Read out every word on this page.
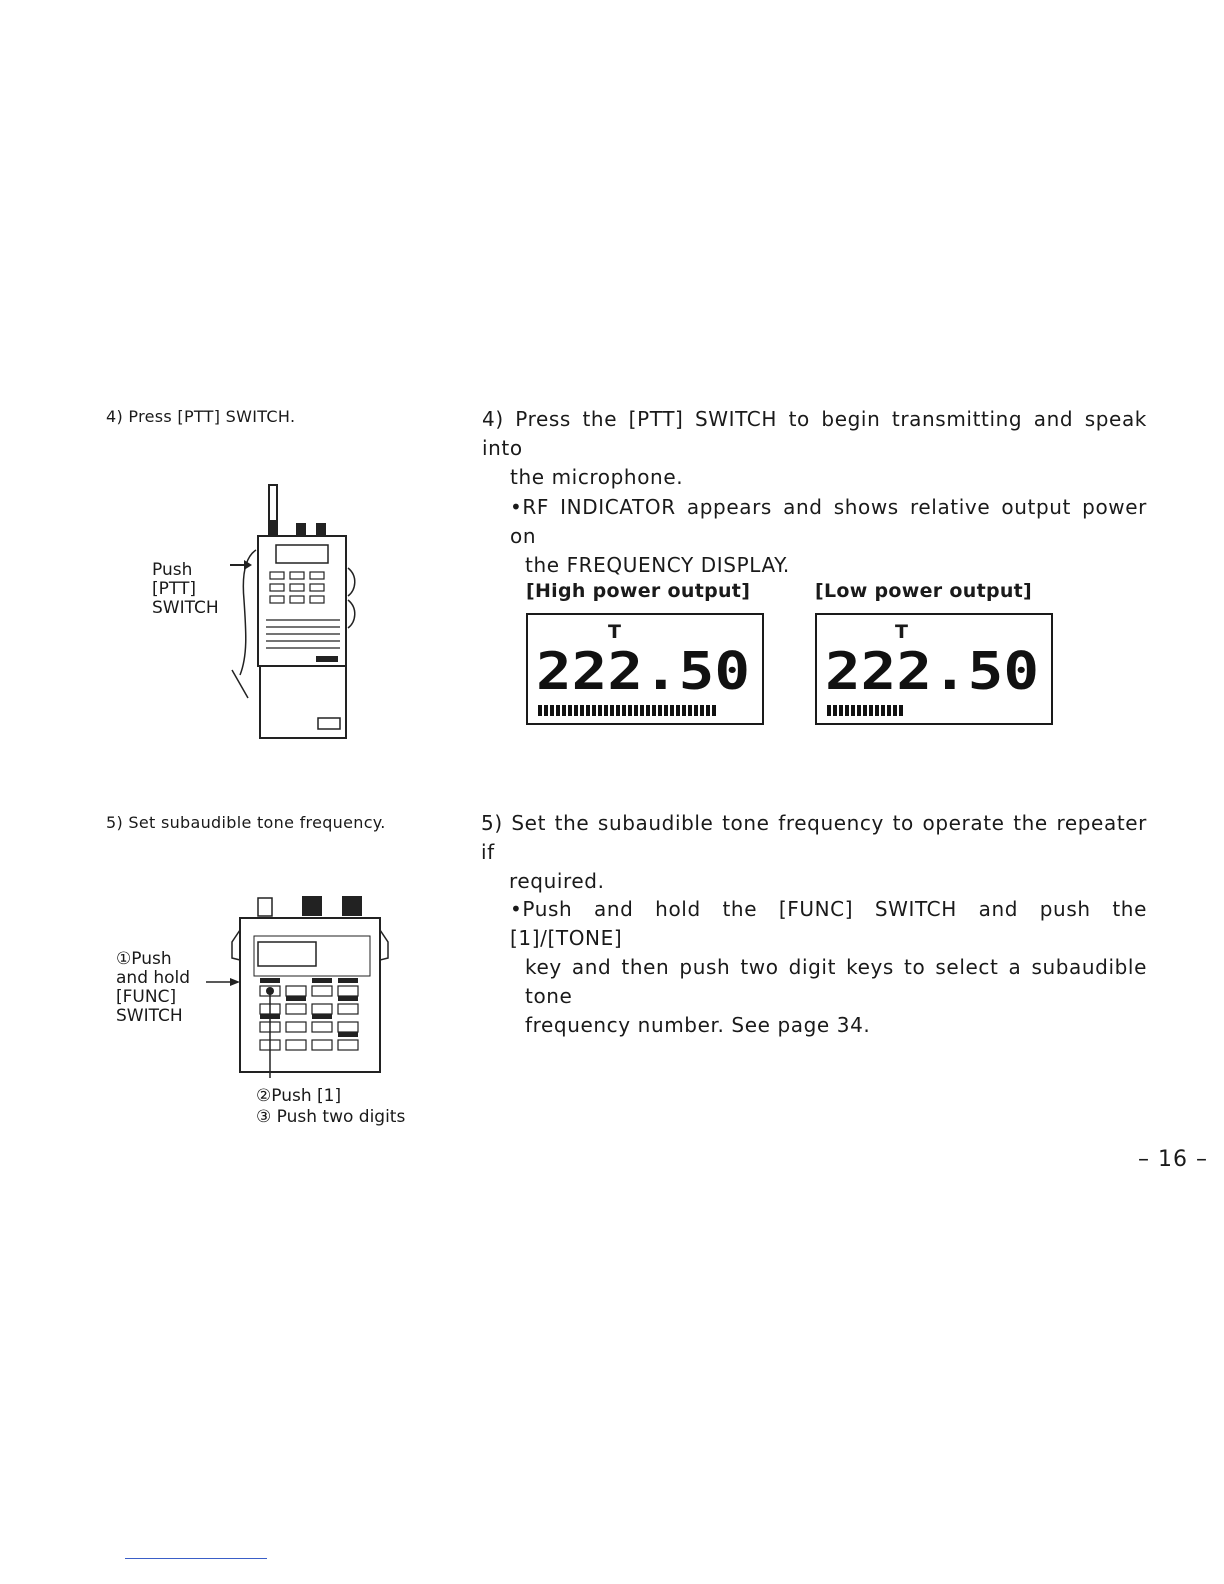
4) Press [PTT] SWITCH.
Push
[PTT]
SWITCH
5) Set subaudible tone frequency.
①Push
and hold
[FUNC]
SWITCH
②Push [1]
③ Push two digits
4) Press the [PTT] SWITCH to begin transmitting and speak into
the microphone.
•RF INDICATOR appears and shows relative output power on
the FREQUENCY DISPLAY.
[High power output]
T
222.50
[Low power output]
T
222.50
5) Set the subaudible tone frequency to operate the repeater if
required.
•Push and hold the [FUNC] SWITCH and push the [1]/[TONE]
key and then push two digit keys to select a subaudible tone
frequency number. See page 34.
– 16 –
